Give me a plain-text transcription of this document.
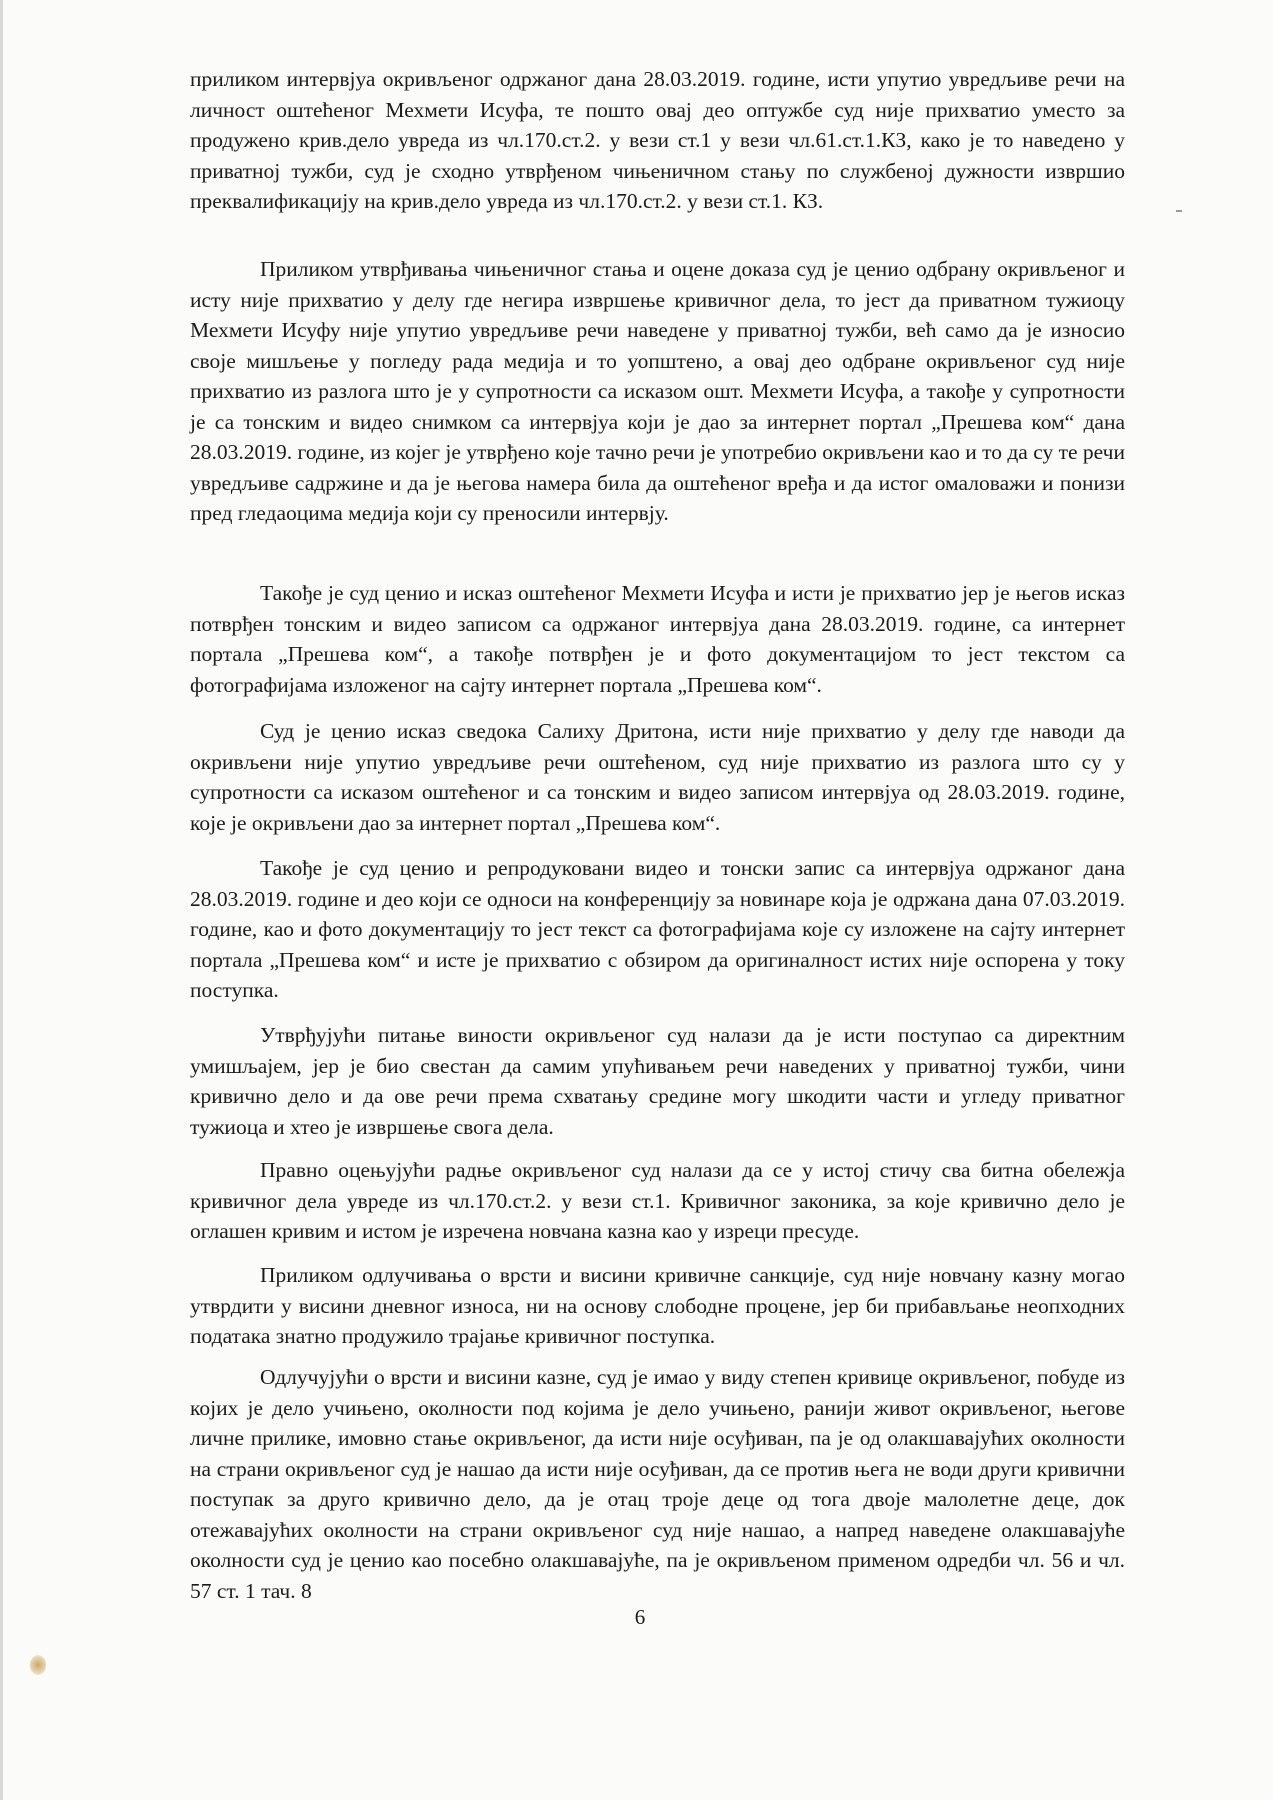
приликом интервјуа окривљеног одржаног дана 28.03.2019. године, исти упутио увредљиве речи на личност оштећеног Мехмети Исуфа, те пошто овај део оптужбе суд није прихватио уместо за продужено крив.дело увреда из чл.170.ст.2. у вези ст.1 у вези чл.61.ст.1.КЗ, како је то наведено у приватној тужби, суд је сходно утврђеном чињеничном стању по службеној дужности извршио преквалификацију на крив.дело увреда из чл.170.ст.2. у вези ст.1. КЗ.

Приликом утврђивања чињеничног стања и оцене доказа суд је ценио одбрану окривљеног и исту није прихватио у делу где негира извршење кривичног дела, то јест да приватном тужиоцу Мехмети Исуфу није упутио увредљиве речи наведене у приватној тужби, већ само да је износио своје мишљење у погледу рада медија и то уопштено, а овај део одбране окривљеног суд није прихватио из разлога што је у супротности са исказом ошт. Мехмети Исуфа, а такође у супротности је са тонским и видео снимком са интервјуа који је дао за интернет портал „Прешева ком“ дана 28.03.2019. године, из којег је утврђено које тачно речи је употребио окривљени као и то да су те речи увредљиве садржине и да је његова намера била да оштећеног вређа и да истог омаловажи и понизи пред гледаоцима медија који су преносили интервју.

Такође је суд ценио и исказ оштећеног Мехмети Исуфа и исти је прихватио јер је његов исказ потврђен тонским и видео записом са одржаног интервјуа дана 28.03.2019. године, са интернет портала „Прешева ком“, а такође потврђен је и фото документацијом то јест текстом са фотографијама изложеног на сајту интернет портала „Прешева ком“.

Суд је ценио исказ сведока Салиху Дритона, исти није прихватио у делу где наводи да окривљени није упутио увредљиве речи оштећеном, суд није прихватио из разлога што су у супротности са исказом оштећеног и са тонским и видео записом интервјуа од 28.03.2019. године, које је окривљени дао за интернет портал „Прешева ком“.

Такође је суд ценио и репродуковани видео и тонски запис са интервјуа одржаног дана 28.03.2019. године и део који се односи на конференцију за новинаре која је одржана дана 07.03.2019. године, као и фото документацију то јест текст са фотографијама које су изложене на сајту интернет портала „Прешева ком“ и исте је прихватио с обзиром да оригиналност истих није оспорена у току поступка.

Утврђујући питање виности окривљеног суд налази да је исти поступао са директним умишљајем, јер је био свестан да самим упућивањем речи наведених у приватној тужби, чини кривично дело и да ове речи према схватању средине могу шкодити части и угледу приватног тужиоца и хтео је извршење свога дела.

Правно оцењујући радње окривљеног суд налази да се у истој стичу сва битна обележја кривичног дела увреде из чл.170.ст.2. у вези ст.1. Кривичног законика, за које кривично дело је оглашен кривим и истом је изречена новчана казна као у изреци пресуде.

Приликом одлучивања о врсти и висини кривичне санкције, суд није новчану казну могао утврдити у висини дневног износа, ни на основу слободне процене, јер би прибављање неопходних података знатно продужило трајање кривичног поступка.

Одлучујући о врсти и висини казне, суд је имао у виду степен кривице окривљеног, побуде из којих је дело учињено, околности под којима је дело учињено, ранији живот окривљеног, његове личне прилике, имовно стање окривљеног, да исти није осуђиван, па је од олакшавајућих околности на страни окривљеног суд је нашао да исти није осуђиван, да се против њега не води други кривични поступак за друго кривично дело, да је отац троје деце од тога двоје малолетне деце, док отежавајућих околности на страни окривљеног суд није нашао, а напред наведене олакшавајуће околности суд је ценио као посебно олакшавајуће, па је окривљеном применом одредби чл. 56 и чл. 57 ст. 1 тач. 8

6
